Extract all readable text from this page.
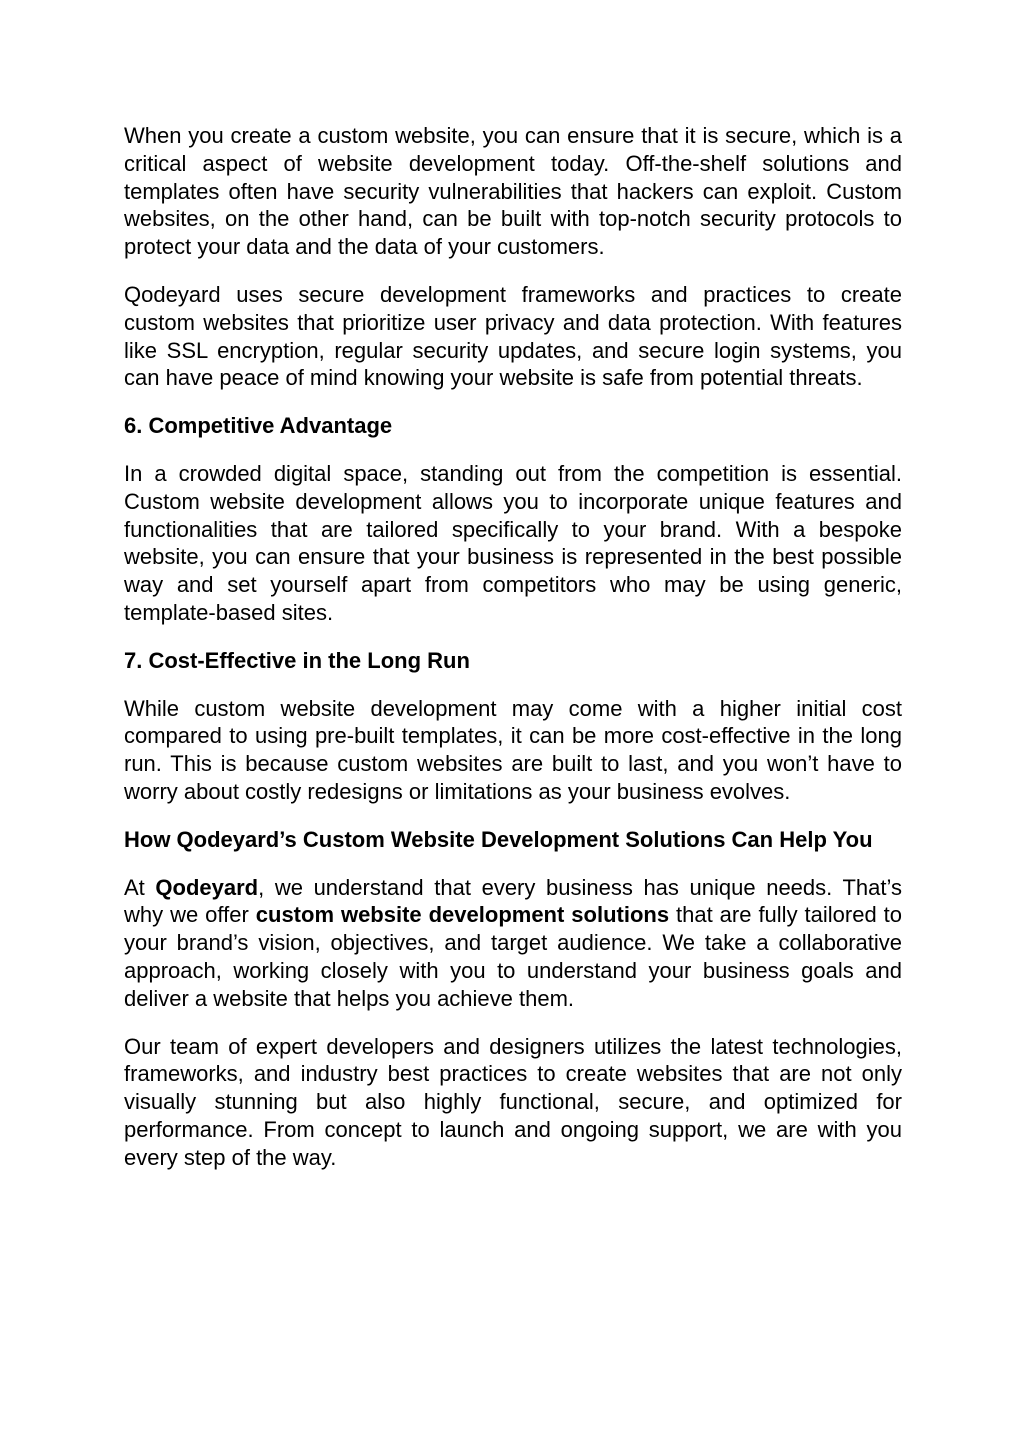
When you create a custom website, you can ensure that it is secure, which is a critical aspect of website development today. Off-the-shelf solutions and templates often have security vulnerabilities that hackers can exploit. Custom websites, on the other hand, can be built with top-notch security protocols to protect your data and the data of your customers.

Qodeyard uses secure development frameworks and practices to create custom websites that prioritize user privacy and data protection. With features like SSL encryption, regular security updates, and secure login systems, you can have peace of mind knowing your website is safe from potential threats.

6. Competitive Advantage

In a crowded digital space, standing out from the competition is essential. Custom website development allows you to incorporate unique features and functionalities that are tailored specifically to your brand. With a bespoke website, you can ensure that your business is represented in the best possible way and set yourself apart from competitors who may be using generic, template-based sites.

7. Cost-Effective in the Long Run

While custom website development may come with a higher initial cost compared to using pre-built templates, it can be more cost-effective in the long run. This is because custom websites are built to last, and you won’t have to worry about costly redesigns or limitations as your business evolves.

How Qodeyard’s Custom Website Development Solutions Can Help You

At Qodeyard, we understand that every business has unique needs. That’s why we offer custom website development solutions that are fully tailored to your brand’s vision, objectives, and target audience. We take a collaborative approach, working closely with you to understand your business goals and deliver a website that helps you achieve them.

Our team of expert developers and designers utilizes the latest technologies, frameworks, and industry best practices to create websites that are not only visually stunning but also highly functional, secure, and optimized for performance. From concept to launch and ongoing support, we are with you every step of the way.
